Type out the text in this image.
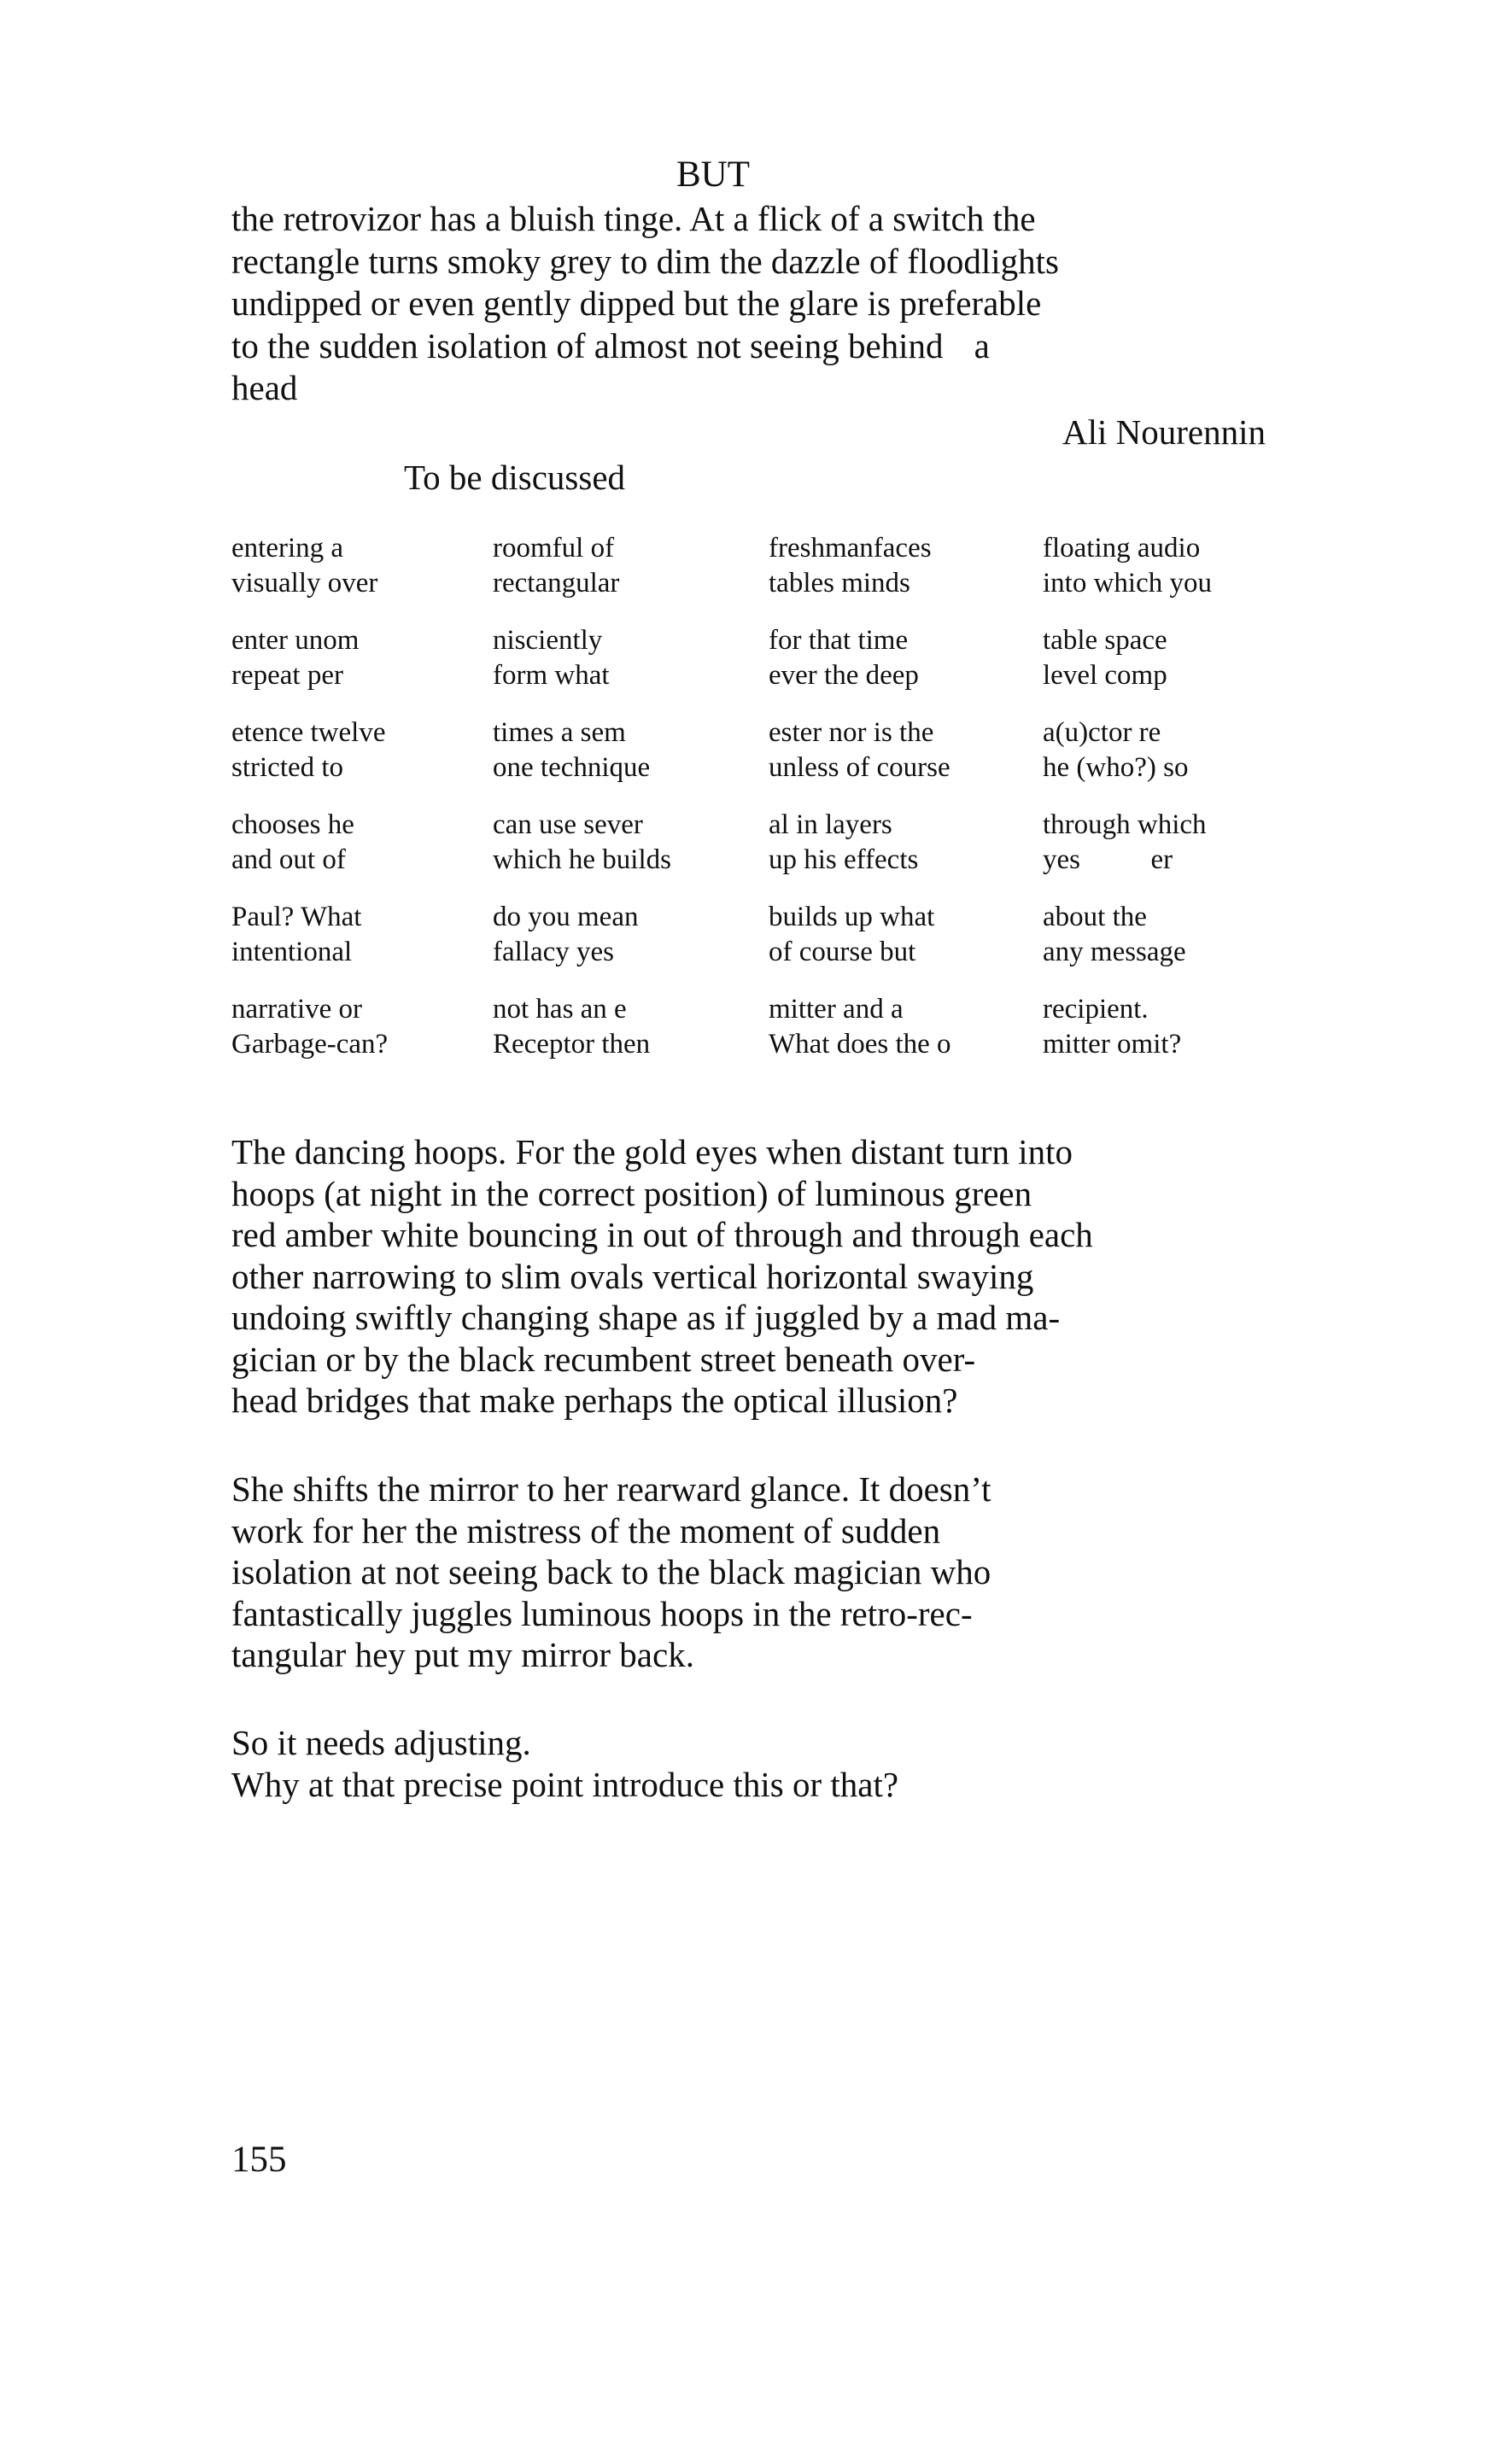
BUT
the retrovizor has a bluish tinge. At a flick of a switch the
rectangle turns smoky grey to dim the dazzle of floodlights
undipped or even gently dipped but the glare is preferable
to the sudden isolation of almost not seeing behind a
head
Ali Nourennin
To be discussed
entering a
visually over
roomful of
rectangular
freshmanfaces
tables minds
floating audio
into which you
enter unom
repeat per
nisciently
form what
for that time
ever the deep
table space
level comp
etence twelve
stricted to
times a sem
one technique
ester nor is the
unless of course
a(u)ctor re
he (who?) so
chooses he
and out of
can use sever
which he builds
al in layers
up his effects
through which
yes          er
Paul? What
intentional
do you mean
fallacy yes
builds up what
of course but
about the
any message
narrative or
Garbage-can?
not has an e
Receptor then
mitter and a
What does the o
recipient.
mitter omit?
The dancing hoops. For the gold eyes when distant turn into
hoops (at night in the correct position) of luminous green
red amber white bouncing in out of through and through each
other narrowing to slim ovals vertical horizontal swaying
undoing swiftly changing shape as if juggled by a mad ma-
gician or by the black recumbent street beneath over-
head bridges that make perhaps the optical illusion?
She shifts the mirror to her rearward glance. It doesn’t
work for her the mistress of the moment of sudden
isolation at not seeing back to the black magician who
fantastically juggles luminous hoops in the retro-rec-
tangular hey put my mirror back.
So it needs adjusting.
Why at that precise point introduce this or that?
155
